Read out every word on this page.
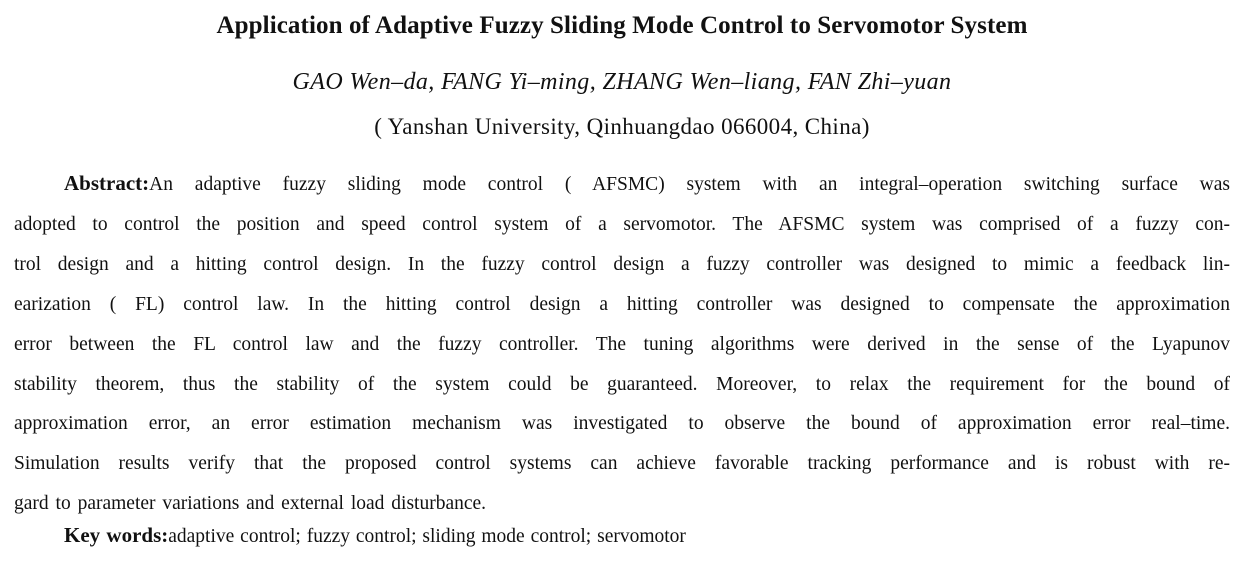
Application of Adaptive Fuzzy Sliding Mode Control to Servomotor System
GAO Wen–da, FANG Yi–ming, ZHANG Wen–liang, FAN Zhi–yuan
( Yanshan University, Qinhuangdao 066004, China)
Abstract:An adaptive fuzzy sliding mode control ( AFSMC) system with an integral–operation switching surface was
adopted to control the position and speed control system of a servomotor. The AFSMC system was comprised of a fuzzy con-
trol design and a hitting control design. In the fuzzy control design a fuzzy controller was designed to mimic a feedback lin-
earization ( FL) control law. In the hitting control design a hitting controller was designed to compensate the approximation
error between the FL control law and the fuzzy controller. The tuning algorithms were derived in the sense of the Lyapunov
stability theorem, thus the stability of the system could be guaranteed. Moreover, to relax the requirement for the bound of
approximation error, an error estimation mechanism was investigated to observe the bound of approximation error real–time.
Simulation results verify that the proposed control systems can achieve favorable tracking performance and is robust with re-
gard to parameter variations and external load disturbance.
Key words:adaptive control; fuzzy control; sliding mode control; servomotor
